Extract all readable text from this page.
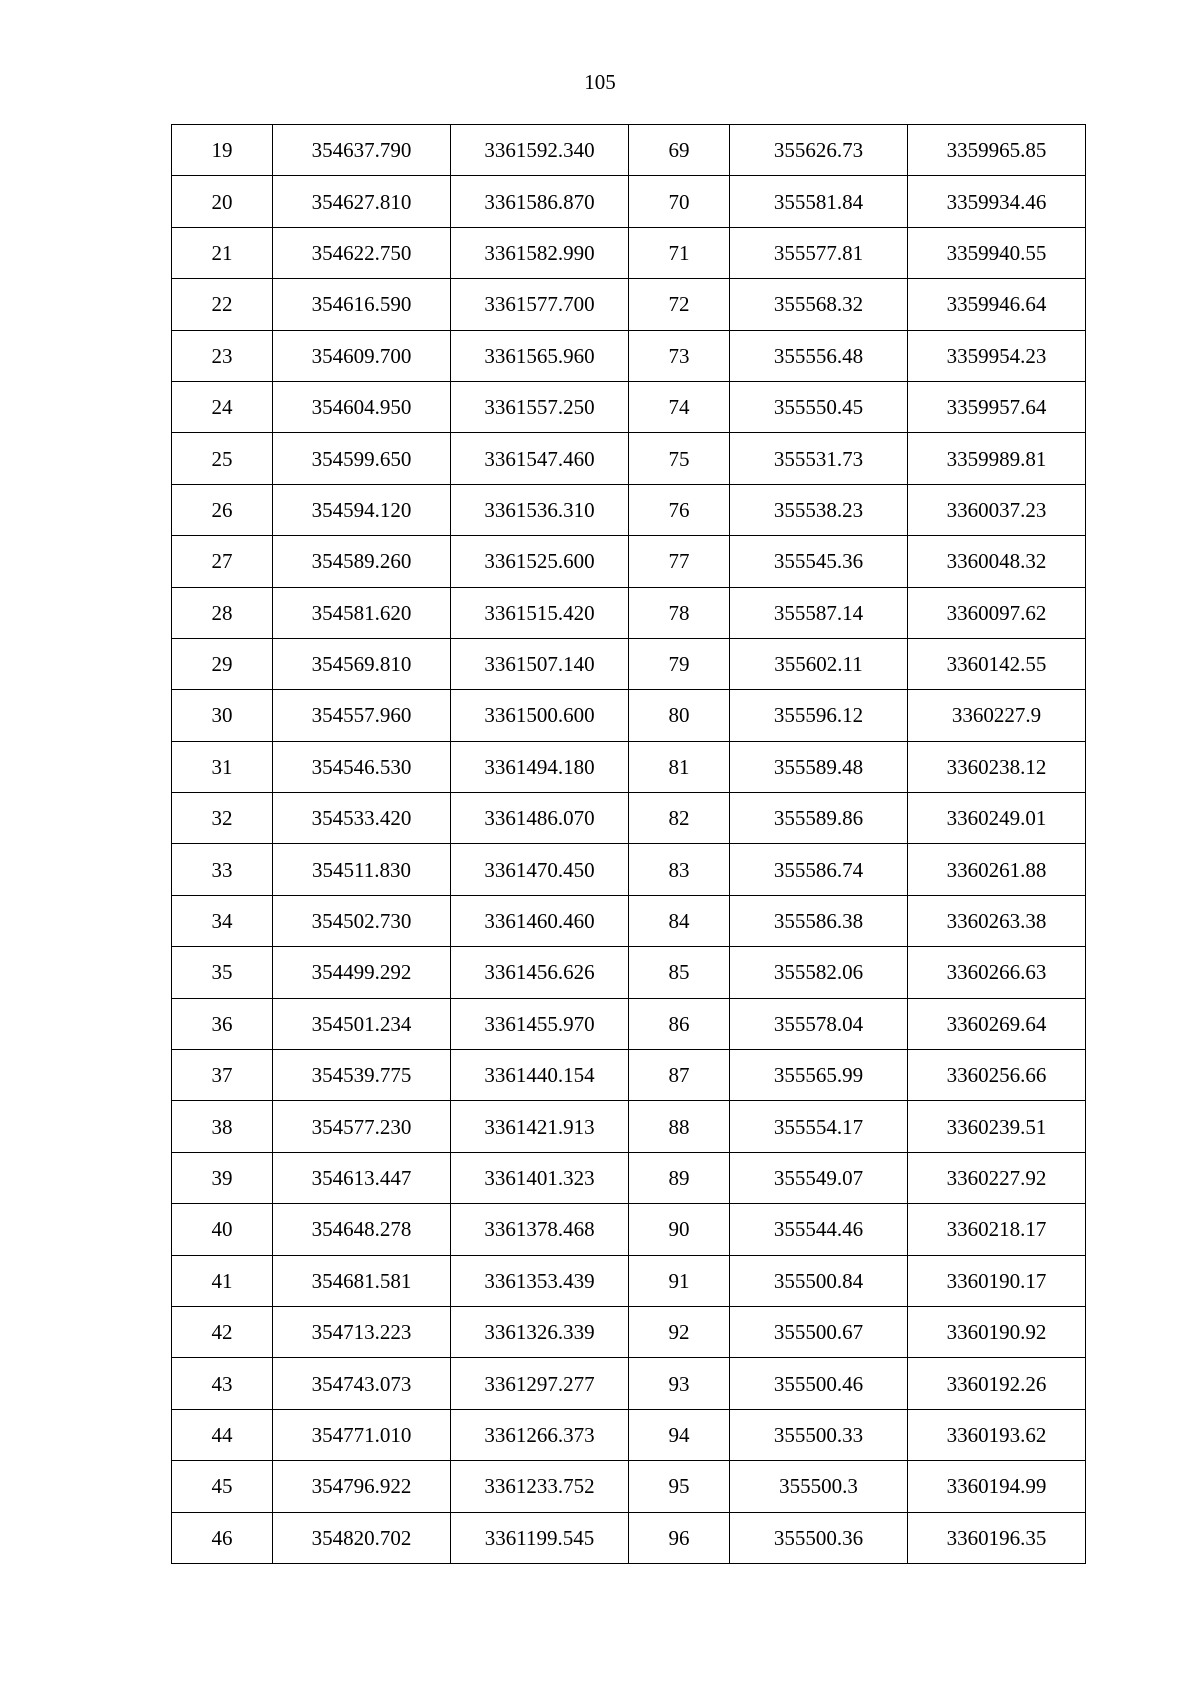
105
19	354637.790	3361592.340	69	355626.73	3359965.85
20	354627.810	3361586.870	70	355581.84	3359934.46
21	354622.750	3361582.990	71	355577.81	3359940.55
22	354616.590	3361577.700	72	355568.32	3359946.64
23	354609.700	3361565.960	73	355556.48	3359954.23
24	354604.950	3361557.250	74	355550.45	3359957.64
25	354599.650	3361547.460	75	355531.73	3359989.81
26	354594.120	3361536.310	76	355538.23	3360037.23
27	354589.260	3361525.600	77	355545.36	3360048.32
28	354581.620	3361515.420	78	355587.14	3360097.62
29	354569.810	3361507.140	79	355602.11	3360142.55
30	354557.960	3361500.600	80	355596.12	3360227.9
31	354546.530	3361494.180	81	355589.48	3360238.12
32	354533.420	3361486.070	82	355589.86	3360249.01
33	354511.830	3361470.450	83	355586.74	3360261.88
34	354502.730	3361460.460	84	355586.38	3360263.38
35	354499.292	3361456.626	85	355582.06	3360266.63
36	354501.234	3361455.970	86	355578.04	3360269.64
37	354539.775	3361440.154	87	355565.99	3360256.66
38	354577.230	3361421.913	88	355554.17	3360239.51
39	354613.447	3361401.323	89	355549.07	3360227.92
40	354648.278	3361378.468	90	355544.46	3360218.17
41	354681.581	3361353.439	91	355500.84	3360190.17
42	354713.223	3361326.339	92	355500.67	3360190.92
43	354743.073	3361297.277	93	355500.46	3360192.26
44	354771.010	3361266.373	94	355500.33	3360193.62
45	354796.922	3361233.752	95	355500.3	3360194.99
46	354820.702	3361199.545	96	355500.36	3360196.35
